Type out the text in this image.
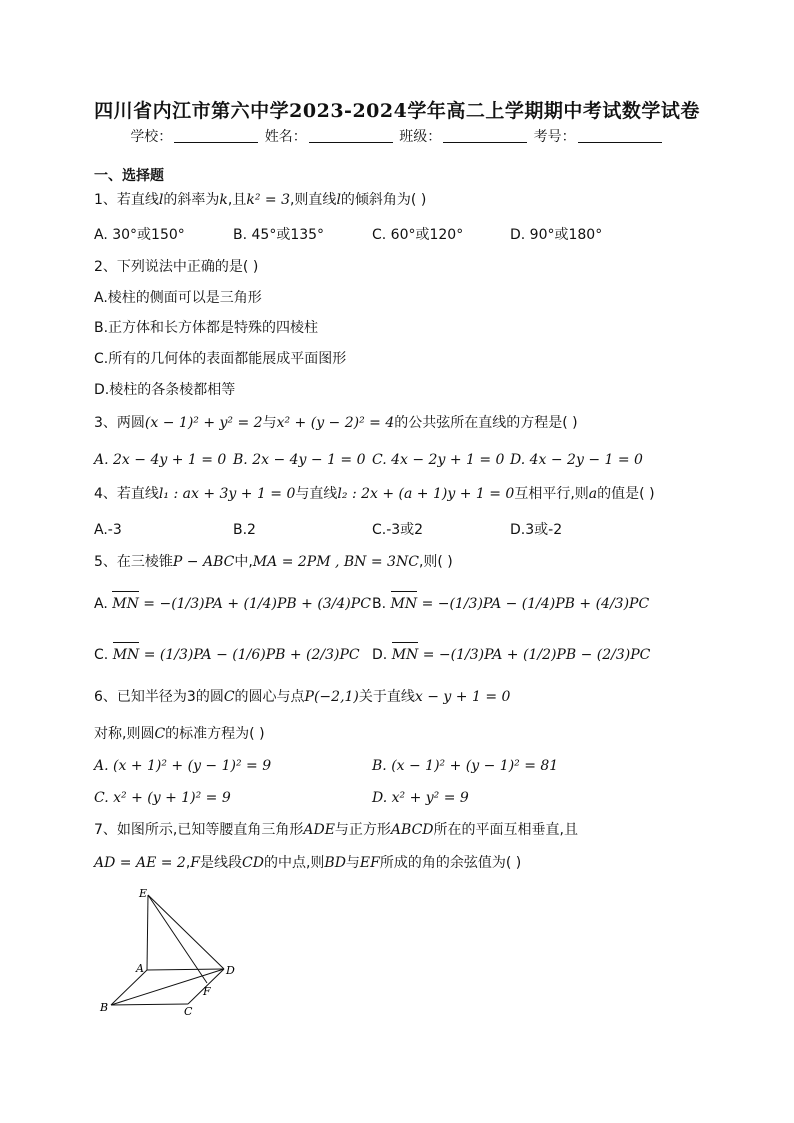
四川省内江市第六中学2023-2024学年高二上学期期中考试数学试卷
学校：	姓名：	班级：	考号：
一、选择题
1、若直线l的斜率为k,且k² = 3,则直线l的倾斜角为( )
A. 30°或150°	B. 45°或135°	C. 60°或120°	D. 90°或180°
2、下列说法中正确的是( )
A.棱柱的侧面可以是三角形
B.正方体和长方体都是特殊的四棱柱
C.所有的几何体的表面都能展成平面图形
D.棱柱的各条棱都相等
3、两圆(x − 1)² + y² = 2与x² + (y − 2)² = 4的公共弦所在直线的方程是( )
A. 2x − 4y + 1 = 0 B. 2x − 4y − 1 = 0 C. 4x − 2y + 1 = 0 D. 4x − 2y − 1 = 0
4、若直线l₁ : ax + 3y + 1 = 0与直线l₂ : 2x + (a + 1)y + 1 = 0互相平行,则a的值是( )
A.-3	B.2	C.-3或2	D.3或-2
5、在三棱锥P − ABC中,MA = 2PM , BN = 3NC,则( )
A. MN = −(1/3)PA + (1/4)PB + (3/4)PC B. MN = −(1/3)PA − (1/4)PB + (4/3)PC
C. MN = (1/3)PA − (1/6)PB + (2/3)PC D. MN = −(1/3)PA + (1/2)PB − (2/3)PC
6、已知半径为3的圆C的圆心与点P(−2,1)关于直线x − y + 1 = 0
对称,则圆C的标准方程为( )
A. (x + 1)² + (y − 1)² = 9	B. (x − 1)² + (y − 1)² = 81
C. x² + (y + 1)² = 9	D. x² + y² = 9
7、如图所示,已知等腰直角三角形ADE与正方形ABCD所在的平面互相垂直,且
AD = AE = 2,F是线段CD的中点,则BD与EF所成的角的余弦值为( )
E
A	D
F
B	C
